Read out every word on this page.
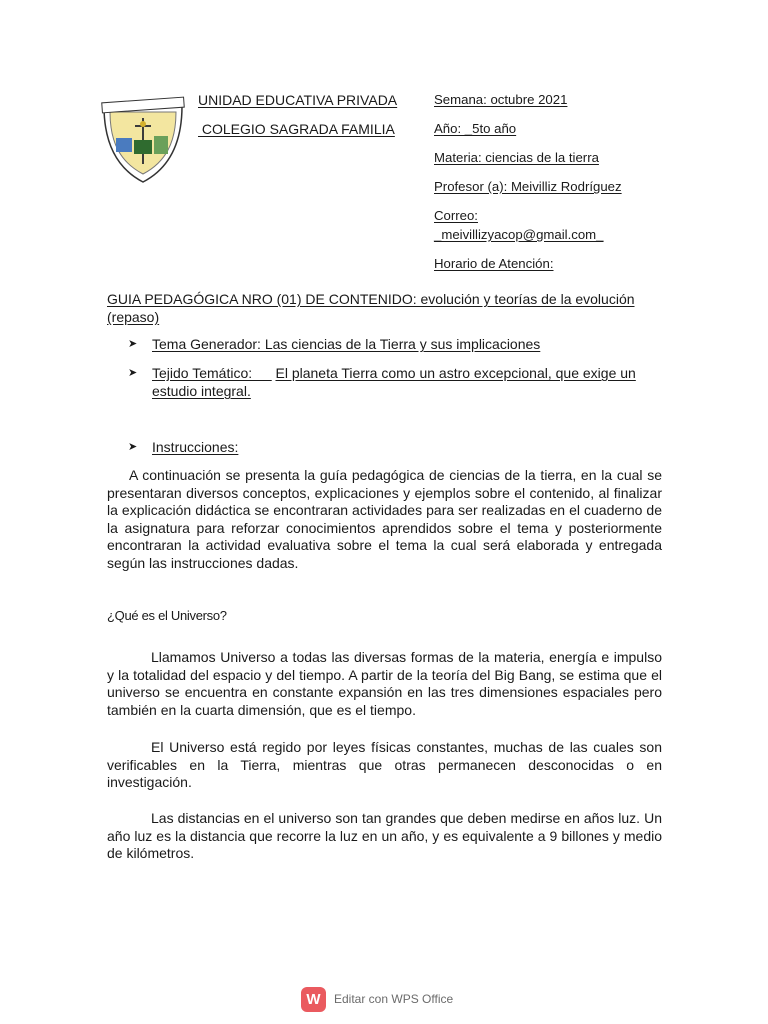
UNIDAD EDUCATIVA PRIVADA
COLEGIO SAGRADA FAMILIA
Semana: octubre 2021
Año: _5to año
Materia: ciencias de la tierra
Profesor (a): Meivilliz Rodríguez
Correo:
_meivillizyacop@gmail.com_
Horario de Atención:
GUIA PEDAGÓGICA NRO (01) DE CONTENIDO: evolución y teorías de la evolución (repaso)
➤ Tema Generador: Las ciencias de la Tierra y sus implicaciones
➤ Tejido Temático: __ El planeta Tierra como un astro excepcional, que exige un estudio integral.
➤ Instrucciones:

A continuación se presenta la guía pedagógica de ciencias de la tierra, en la cual se presentaran diversos conceptos, explicaciones y ejemplos sobre el contenido, al finalizar la explicación didáctica se encontraran actividades para ser realizadas en el cuaderno de la asignatura para reforzar conocimientos aprendidos sobre el tema y posteriormente encontraran la actividad evaluativa sobre el tema la cual será elaborada y entregada según las instrucciones dadas.

¿Qué es el Universo?

Llamamos Universo a todas las diversas formas de la materia, energía e impulso y la totalidad del espacio y del tiempo. A partir de la teoría del Big Bang, se estima que el universo se encuentra en constante expansión en las tres dimensiones espaciales pero también en la cuarta dimensión, que es el tiempo.

El Universo está regido por leyes físicas constantes, muchas de las cuales son verificables en la Tierra, mientras que otras permanecen desconocidas o en investigación.

Las distancias en el universo son tan grandes que deben medirse en años luz. Un año luz es la distancia que recorre la luz en un año, y es equivalente a 9 billones y medio de kilómetros.

W	Editar con WPS Office
